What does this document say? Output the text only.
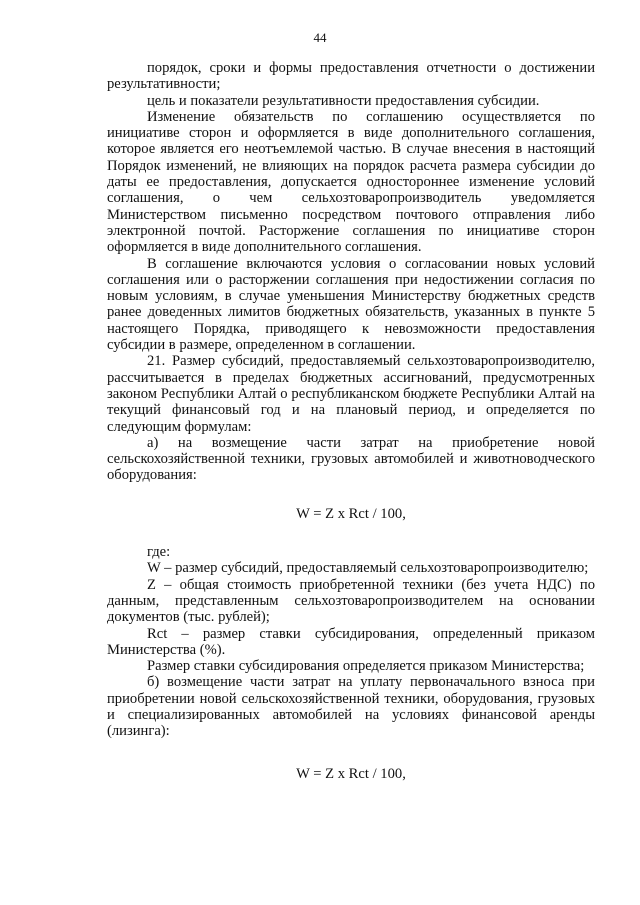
44

порядок, сроки и формы предоставления отчетности о достижении результативности;

цель и показатели результативности предоставления субсидии.

Изменение обязательств по соглашению осуществляется по инициативе сторон и оформляется в виде дополнительного соглашения, которое является его неотъемлемой частью. В случае внесения в настоящий Порядок изменений, не влияющих на порядок расчета размера субсидии до даты ее предоставления, допускается одностороннее изменение условий соглашения, о чем сельхозтоваропроизводитель уведомляется Министерством письменно посредством почтового отправления либо электронной почтой. Расторжение соглашения по инициативе сторон оформляется в виде дополнительного соглашения.

В соглашение включаются условия о согласовании новых условий соглашения или о расторжении соглашения при недостижении согласия по новым условиям, в случае уменьшения Министерству бюджетных средств ранее доведенных лимитов бюджетных обязательств, указанных в пункте 5 настоящего Порядка, приводящего к невозможности предоставления субсидии в размере, определенном в соглашении.

21. Размер субсидий, предоставляемый сельхозтоваропроизводителю, рассчитывается в пределах бюджетных ассигнований, предусмотренных законом Республики Алтай о республиканском бюджете Республики Алтай на текущий финансовый год и на плановый период, и определяется по следующим формулам:

а) на возмещение части затрат на приобретение новой сельскохозяйственной техники, грузовых автомобилей и животноводческого оборудования:

W = Z x Rct / 100,

где:

W – размер субсидий, предоставляемый сельхозтоваропроизводителю;

Z – общая стоимость приобретенной техники (без учета НДС) по данным, представленным сельхозтоваропроизводителем на основании документов (тыс. рублей);

Rct – размер ставки субсидирования, определенный приказом Министерства (%).

Размер ставки субсидирования определяется приказом Министерства;

б) возмещение части затрат на уплату первоначального взноса при приобретении новой сельскохозяйственной техники, оборудования, грузовых и специализированных автомобилей на условиях финансовой аренды (лизинга):

W = Z x Rct / 100,
